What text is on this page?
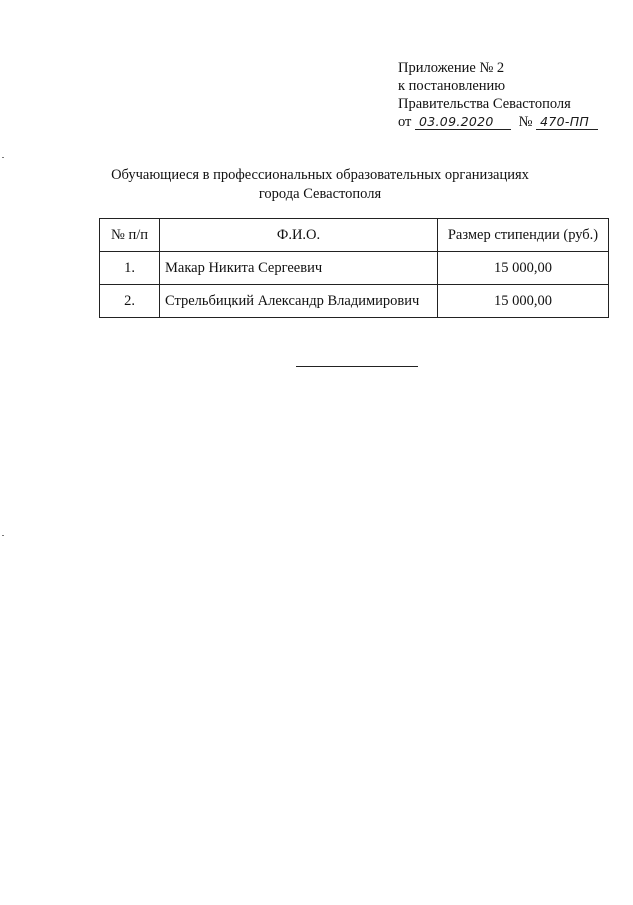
Приложение № 2
к постановлению
Правительства Севастополя
от 03.09.2020 № 470-ПП
Обучающиеся в профессиональных образовательных организациях
города Севастополя
№ п/п	Ф.И.О.	Размер стипендии (руб.)
1.	Макар Никита Сергеевич	15 000,00
2.	Стрельбицкий Александр Владимирович	15 000,00
